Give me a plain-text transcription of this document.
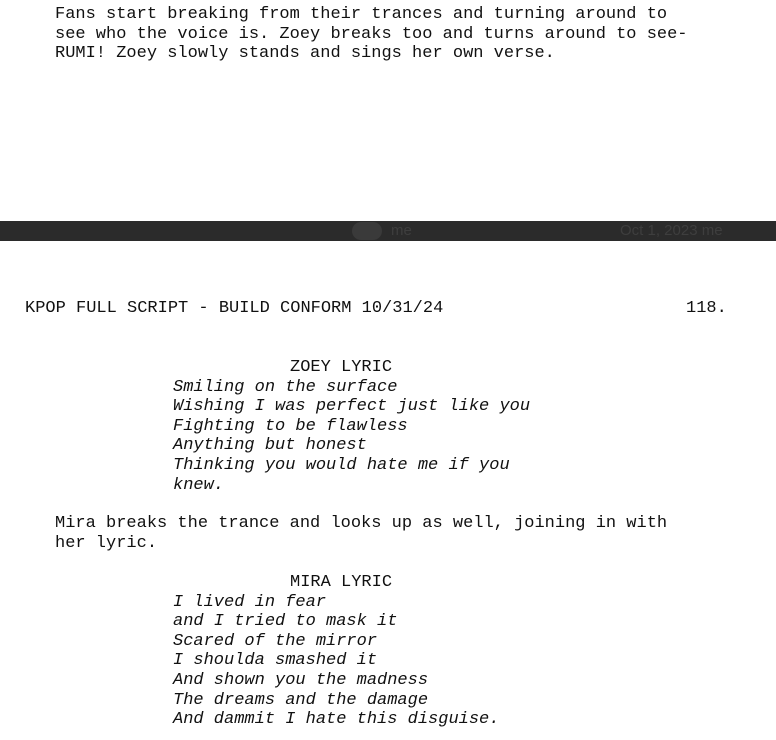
Fans start breaking from their trances and turning around to
see who the voice is. Zoey breaks too and turns around to see-
RUMI! Zoey slowly stands and sings her own verse.

me	Oct 1, 2023 me
KPOP FULL SCRIPT - BUILD CONFORM 10/31/24	118.
ZOEY LYRIC
Smiling on the surface
Wishing I was perfect just like you
Fighting to be flawless
Anything but honest
Thinking you would hate me if you
knew.

Mira breaks the trance and looks up as well, joining in with
her lyric.

MIRA LYRIC
I lived in fear
and I tried to mask it
Scared of the mirror
I shoulda smashed it
And shown you the madness
The dreams and the damage
And dammit I hate this disguise.
